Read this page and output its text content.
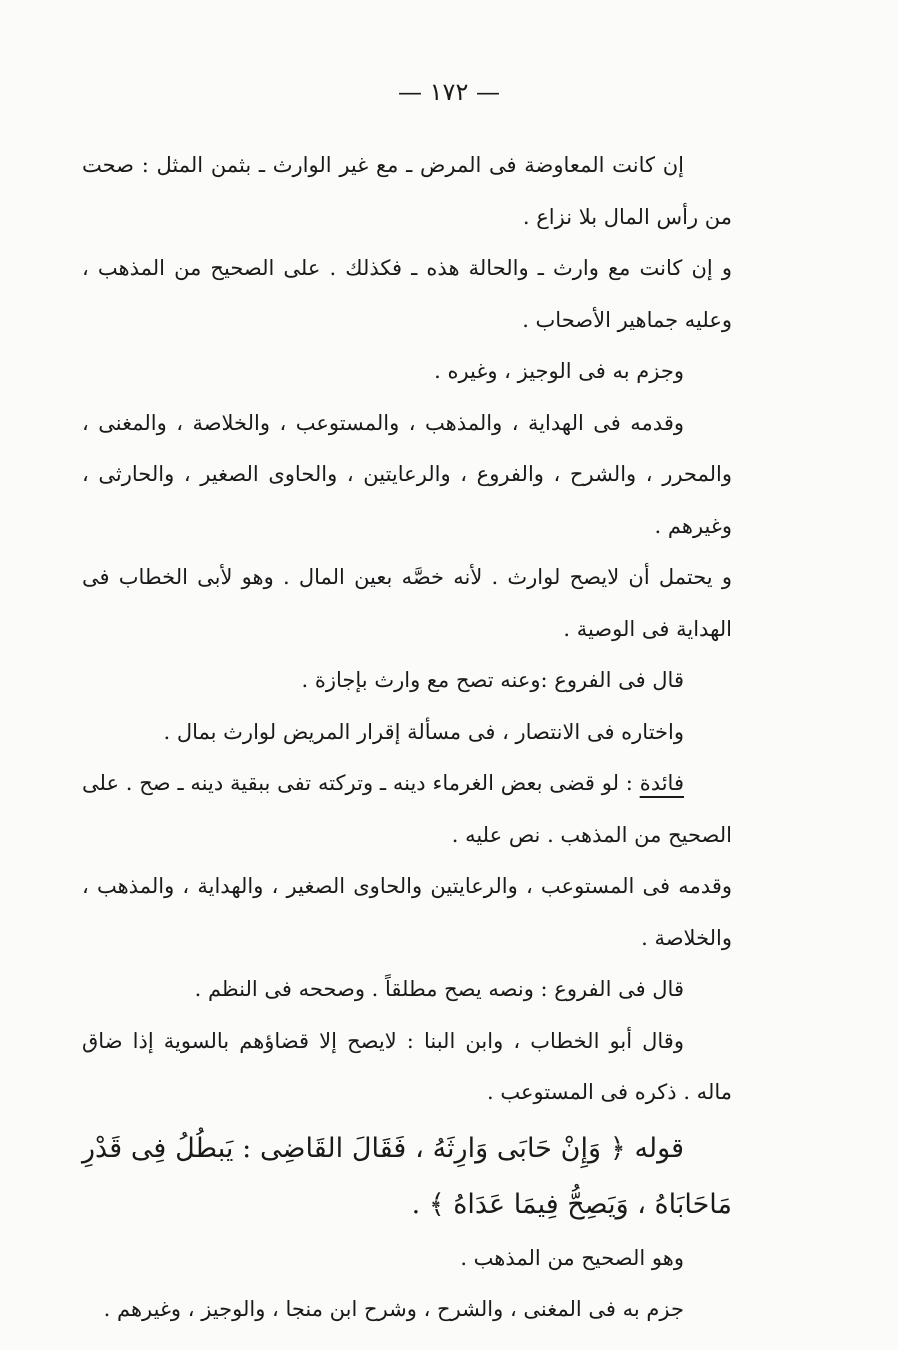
— ١٧٢ —

إن كانت المعاوضة فى المرض ـ مع غير الوارث ـ بثمن المثل : صحت من رأس المال بلا نزاع .

و إن كانت مع وارث ـ والحالة هذه ـ فكذلك . على الصحيح من المذهب ، وعليه جماهير الأصحاب .

وجزم به فى الوجيز ، وغيره .

وقدمه فى الهداية ، والمذهب ، والمستوعب ، والخلاصة ، والمغنى ، والمحرر ، والشرح ، والفروع ، والرعايتين ، والحاوى الصغير ، والحارثى ، وغيرهم .

و يحتمل أن لايصح لوارث . لأنه خصَّه بعين المال . وهو لأبى الخطاب فى الهداية فى الوصية .

قال فى الفروع :وعنه تصح مع وارث بإجازة .

واختاره فى الانتصار ، فى مسألة إقرار المريض لوارث بمال .

فائدة : لو قضى بعض الغرماء دينه ـ وتركته تفى ببقية دينه ـ صح . على الصحيح من المذهب . نص عليه .

وقدمه فى المستوعب ، والرعايتين والحاوى الصغير ، والهداية ، والمذهب ، والخلاصة .

قال فى الفروع : ونصه يصح مطلقاً . وصححه فى النظم .

وقال أبو الخطاب ، وابن البنا : لايصح إلا قضاؤهم بالسوية إذا ضاق ماله . ذكره فى المستوعب .

قوله ﴿ وَإِنْ حَابَى وَارِثَهُ ، فَقَالَ القَاضِى : يَبطُلُ فِى قَدْرِ مَاحَابَاهُ ، وَيَصِحُّ فِيمَا عَدَاهُ ﴾ .

وهو الصحيح من المذهب .

جزم به فى المغنى ، والشرح ، وشرح ابن منجا ، والوجيز ، وغيرهم .
